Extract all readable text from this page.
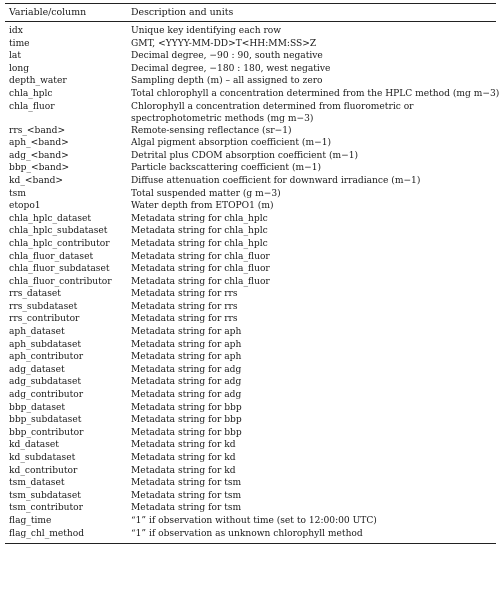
Variable/column	Description and units
idx	Unique key identifying each row
time	GMT, <YYYY-MM-DD>T<HH:MM:SS>Z
lat	Decimal degree, −90 : 90, south negative
long	Decimal degree, −180 : 180, west negative
depth_water	Sampling depth (m) – all assigned to zero
chla_hplc	Total chlorophyll a concentration determined from the HPLC method (mg m−3)
chla_fluor	Chlorophyll a concentration determined from fluorometric or spectrophotometric methods (mg m−3)
rrs_<band>	Remote-sensing reflectance (sr−1)
aph_<band>	Algal pigment absorption coefficient (m−1)
adg_<band>	Detrital plus CDOM absorption coefficient (m−1)
bbp_<band>	Particle backscattering coefficient (m−1)
kd_<band>	Diffuse attenuation coefficient for downward irradiance (m−1)
tsm	Total suspended matter (g m−3)
etopo1	Water depth from ETOPO1 (m)
chla_hplc_dataset	Metadata string for chla_hplc
chla_hplc_subdataset	Metadata string for chla_hplc
chla_hplc_contributor	Metadata string for chla_hplc
chla_fluor_dataset	Metadata string for chla_fluor
chla_fluor_subdataset	Metadata string for chla_fluor
chla_fluor_contributor	Metadata string for chla_fluor
rrs_dataset	Metadata string for rrs
rrs_subdataset	Metadata string for rrs
rrs_contributor	Metadata string for rrs
aph_dataset	Metadata string for aph
aph_subdataset	Metadata string for aph
aph_contributor	Metadata string for aph
adg_dataset	Metadata string for adg
adg_subdataset	Metadata string for adg
adg_contributor	Metadata string for adg
bbp_dataset	Metadata string for bbp
bbp_subdataset	Metadata string for bbp
bbp_contributor	Metadata string for bbp
kd_dataset	Metadata string for kd
kd_subdataset	Metadata string for kd
kd_contributor	Metadata string for kd
tsm_dataset	Metadata string for tsm
tsm_subdataset	Metadata string for tsm
tsm_contributor	Metadata string for tsm
flag_time	“1” if observation without time (set to 12:00:00 UTC)
flag_chl_method	“1” if observation as unknown chlorophyll method
